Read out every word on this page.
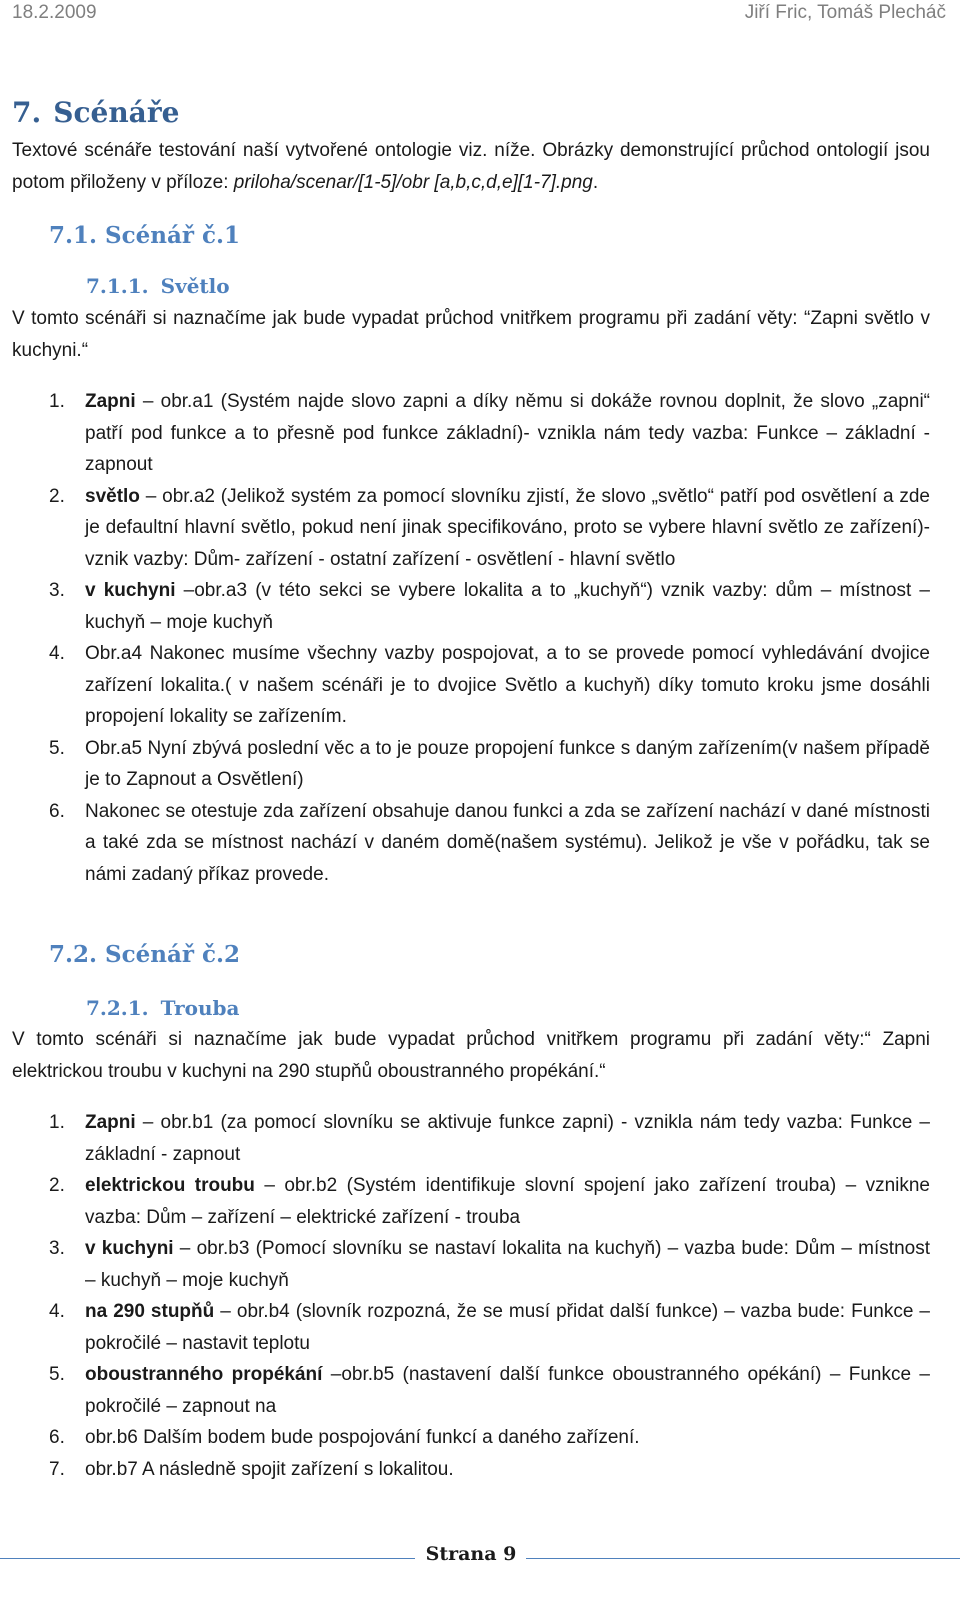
18.2.2009	Jiří Fric, Tomáš Plecháč
7. Scénáře

Textové scénáře testování naší vytvořené ontologie viz. níže. Obrázky demonstrující průchod ontologií jsou potom přiloženy v příloze: priloha/scenar/[1-5]/obr [a,b,c,d,e][1-7].png.

7.1. Scénář č.1
7.1.1. Světlo

V tomto scénáři si naznačíme jak bude vypadat průchod vnitřkem programu při zadání věty: “Zapni světlo v kuchyni.“

1. Zapni – obr.a1 (Systém najde slovo zapni a díky němu si dokáže rovnou doplnit, že slovo „zapni“ patří pod funkce a to přesně pod funkce základní)- vznikla nám tedy vazba: Funkce – základní - zapnout
2. světlo – obr.a2 (Jelikož systém za pomocí slovníku zjistí, že slovo „světlo“ patří pod osvětlení a zde je defaultní hlavní světlo, pokud není jinak specifikováno, proto se vybere hlavní světlo ze zařízení)- vznik vazby: Dům- zařízení - ostatní zařízení - osvětlení - hlavní světlo
3. v kuchyni –obr.a3 (v této sekci se vybere lokalita a to „kuchyň“) vznik vazby: dům – místnost – kuchyň – moje kuchyň
4. Obr.a4 Nakonec musíme všechny vazby pospojovat, a to se provede pomocí vyhledávání dvojice zařízení lokalita.( v našem scénáři je to dvojice Světlo a kuchyň) díky tomuto kroku jsme dosáhli propojení lokality se zařízením.
5. Obr.a5 Nyní zbývá poslední věc a to je pouze propojení funkce s daným zařízením(v našem případě je to Zapnout a Osvětlení)
6. Nakonec se otestuje zda zařízení obsahuje danou funkci a zda se zařízení nachází v dané místnosti a také zda se místnost nachází v daném domě(našem systému). Jelikož je vše v pořádku, tak se námi zadaný příkaz provede.
7.2. Scénář č.2
7.2.1. Trouba

V tomto scénáři si naznačíme jak bude vypadat průchod vnitřkem programu při zadání věty:“ Zapni elektrickou troubu v kuchyni na 290 stupňů oboustranného propékání.“

1. Zapni – obr.b1 (za pomocí slovníku se aktivuje funkce zapni) - vznikla nám tedy vazba: Funkce – základní - zapnout
2. elektrickou troubu – obr.b2 (Systém identifikuje slovní spojení jako zařízení trouba) – vznikne vazba: Dům – zařízení – elektrické zařízení - trouba
3. v kuchyni – obr.b3 (Pomocí slovníku se nastaví lokalita na kuchyň) – vazba bude: Dům – místnost – kuchyň – moje kuchyň
4. na 290 stupňů – obr.b4 (slovník rozpozná, že se musí přidat další funkce) – vazba bude: Funkce – pokročilé – nastavit teplotu
5. oboustranného propékání –obr.b5 (nastavení další funkce oboustranného opékání) – Funkce – pokročilé – zapnout na
6. obr.b6 Dalším bodem bude pospojování funkcí a daného zařízení.
7. obr.b7 A následně spojit zařízení s lokalitou.
Strana 9
